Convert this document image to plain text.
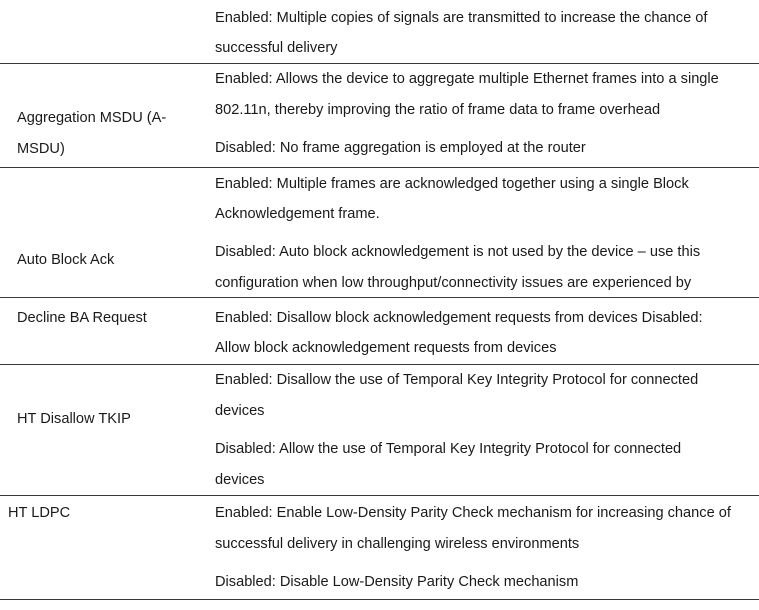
Enabled: Multiple copies of signals are transmitted to increase the chance of
successful delivery
Aggregation MSDU (A-
MSDU)
Enabled: Allows the device to aggregate multiple Ethernet frames into a single
802.11n, thereby improving the ratio of frame data to frame overhead
Disabled: No frame aggregation is employed at the router
Auto Block Ack
Enabled: Multiple frames are acknowledged together using a single Block
Acknowledgement frame.
Disabled: Auto block acknowledgement is not used by the device – use this
configuration when low throughput/connectivity issues are experienced by
Decline BA Request	Enabled: Disallow block acknowledgement requests from devices Disabled:
Allow block acknowledgement requests from devices
HT Disallow TKIP
Enabled: Disallow the use of Temporal Key Integrity Protocol for connected
devices
Disabled: Allow the use of Temporal Key Integrity Protocol for connected
devices
HT LDPC	Enabled: Enable Low-Density Parity Check mechanism for increasing chance of
successful delivery in challenging wireless environments
Disabled: Disable Low-Density Parity Check mechanism
